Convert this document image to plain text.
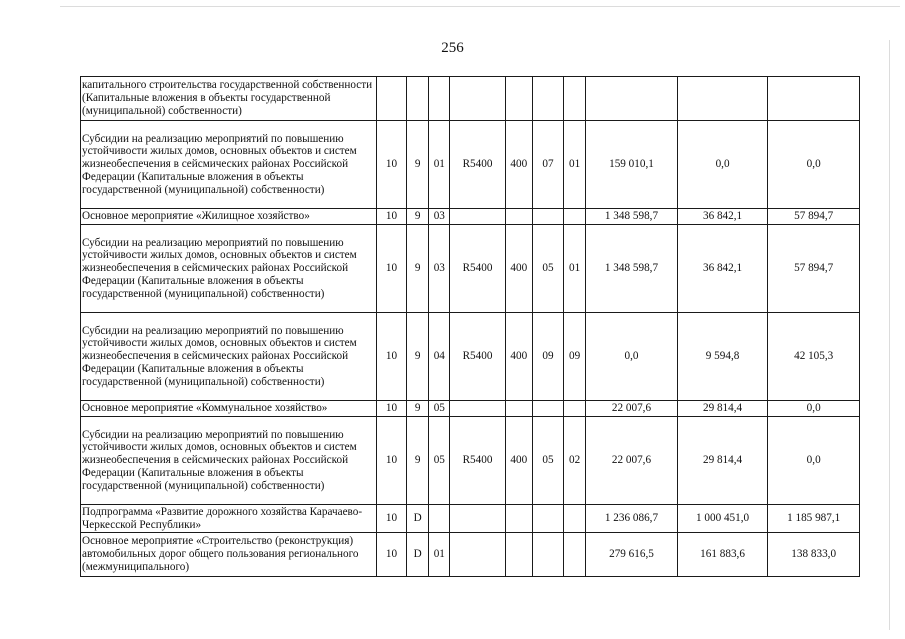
256
капитального строительства государственной собственности (Капитальные вложения в объекты государственной (муниципальной) собственности)										
Субсидии на реализацию мероприятий по повышению устойчивости жилых домов, основных объектов и систем жизнеобеспечения в сейсмических районах Российской Федерации (Капитальные вложения в объекты государственной (муниципальной) собственности)	10	9	01	R5400	400	07	01	159 010,1	0,0	0,0
Основное мероприятие «Жилищное хозяйство»	10	9	03					1 348 598,7	36 842,1	57 894,7
Субсидии на реализацию мероприятий по повышению устойчивости жилых домов, основных объектов и систем жизнеобеспечения в сейсмических районах Российской Федерации (Капитальные вложения в объекты государственной (муниципальной) собственности)	10	9	03	R5400	400	05	01	1 348 598,7	36 842,1	57 894,7
Субсидии на реализацию мероприятий по повышению устойчивости жилых домов, основных объектов и систем жизнеобеспечения в сейсмических районах Российской Федерации (Капитальные вложения в объекты государственной (муниципальной) собственности)	10	9	04	R5400	400	09	09	0,0	9 594,8	42 105,3
Основное мероприятие «Коммунальное хозяйство»	10	9	05					22 007,6	29 814,4	0,0
Субсидии на реализацию мероприятий по повышению устойчивости жилых домов, основных объектов и систем жизнеобеспечения в сейсмических районах Российской Федерации (Капитальные вложения в объекты государственной (муниципальной) собственности)	10	9	05	R5400	400	05	02	22 007,6	29 814,4	0,0
Подпрограмма «Развитие дорожного хозяйства Карачаево-Черкесской Республики»	10	D						1 236 086,7	1 000 451,0	1 185 987,1
Основное мероприятие «Строительство (реконструкция) автомобильных дорог общего пользования регионального (межмуниципального)	10	D	01					279 616,5	161 883,6	138 833,0
